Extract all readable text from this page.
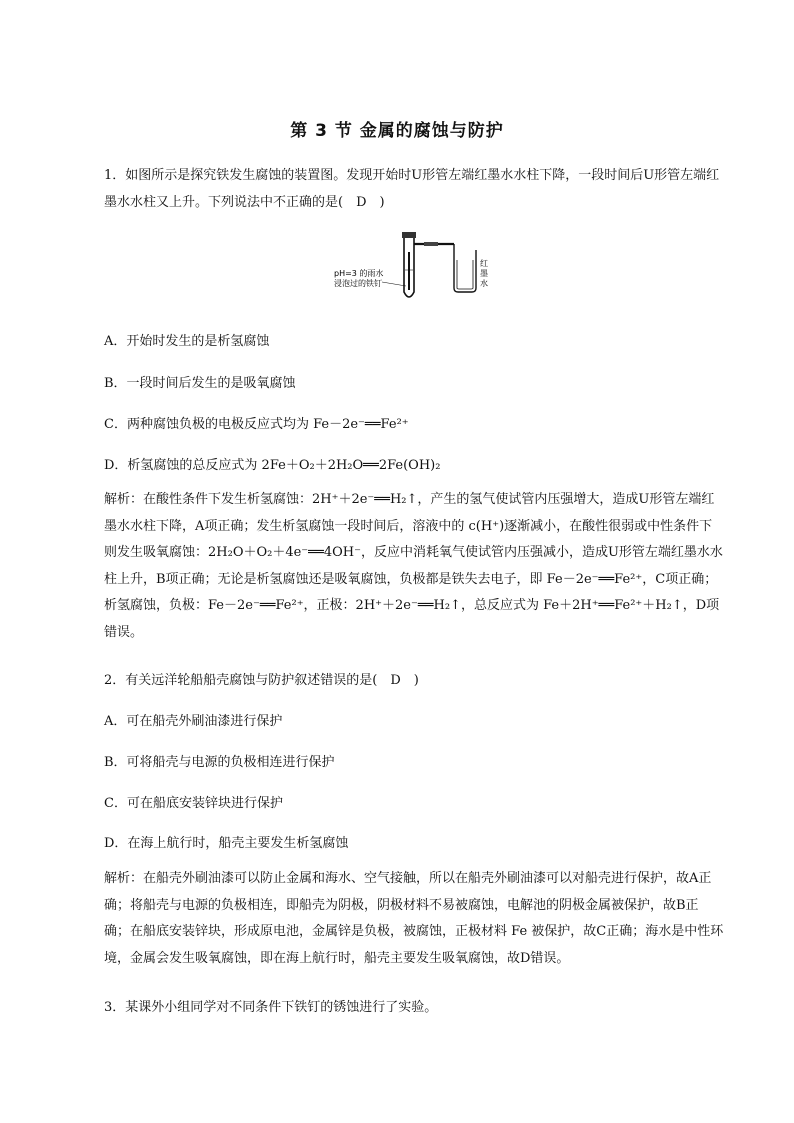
第 3 节 金属的腐蚀与防护

1．如图所示是探究铁发生腐蚀的装置图。发现开始时U形管左端红墨水水柱下降，一段时间后U形管左端红墨水水柱又上升。下列说法中不正确的是(　D　)

pH=3 的雨水
浸泡过的铁钉
红
墨
水

A．开始时发生的是析氢腐蚀

B．一段时间后发生的是吸氧腐蚀

C．两种腐蚀负极的电极反应式均为 Fe－2e⁻══Fe²⁺

D．析氢腐蚀的总反应式为 2Fe＋O₂＋2H₂O══2Fe(OH)₂

解析：在酸性条件下发生析氢腐蚀：2H⁺＋2e⁻══H₂↑，产生的氢气使试管内压强增大，造成U形管左端红墨水水柱下降，A项正确；发生析氢腐蚀一段时间后，溶液中的 c(H⁺)逐渐减小，在酸性很弱或中性条件下则发生吸氧腐蚀：2H₂O＋O₂＋4e⁻══4OH⁻，反应中消耗氧气使试管内压强减小，造成U形管左端红墨水水柱上升，B项正确；无论是析氢腐蚀还是吸氧腐蚀，负极都是铁失去电子，即 Fe－2e⁻══Fe²⁺，C项正确；析氢腐蚀，负极：Fe－2e⁻══Fe²⁺，正极：2H⁺＋2e⁻══H₂↑，总反应式为 Fe＋2H⁺══Fe²⁺＋H₂↑，D项错误。

2．有关远洋轮船船壳腐蚀与防护叙述错误的是(　D　)

A．可在船壳外刷油漆进行保护

B．可将船壳与电源的负极相连进行保护

C．可在船底安装锌块进行保护

D．在海上航行时，船壳主要发生析氢腐蚀

解析：在船壳外刷油漆可以防止金属和海水、空气接触，所以在船壳外刷油漆可以对船壳进行保护，故A正确；将船壳与电源的负极相连，即船壳为阴极，阴极材料不易被腐蚀，电解池的阴极金属被保护，故B正确；在船底安装锌块，形成原电池，金属锌是负极，被腐蚀，正极材料 Fe 被保护，故C正确；海水是中性环境，金属会发生吸氧腐蚀，即在海上航行时，船壳主要发生吸氧腐蚀，故D错误。

3．某课外小组同学对不同条件下铁钉的锈蚀进行了实验。
